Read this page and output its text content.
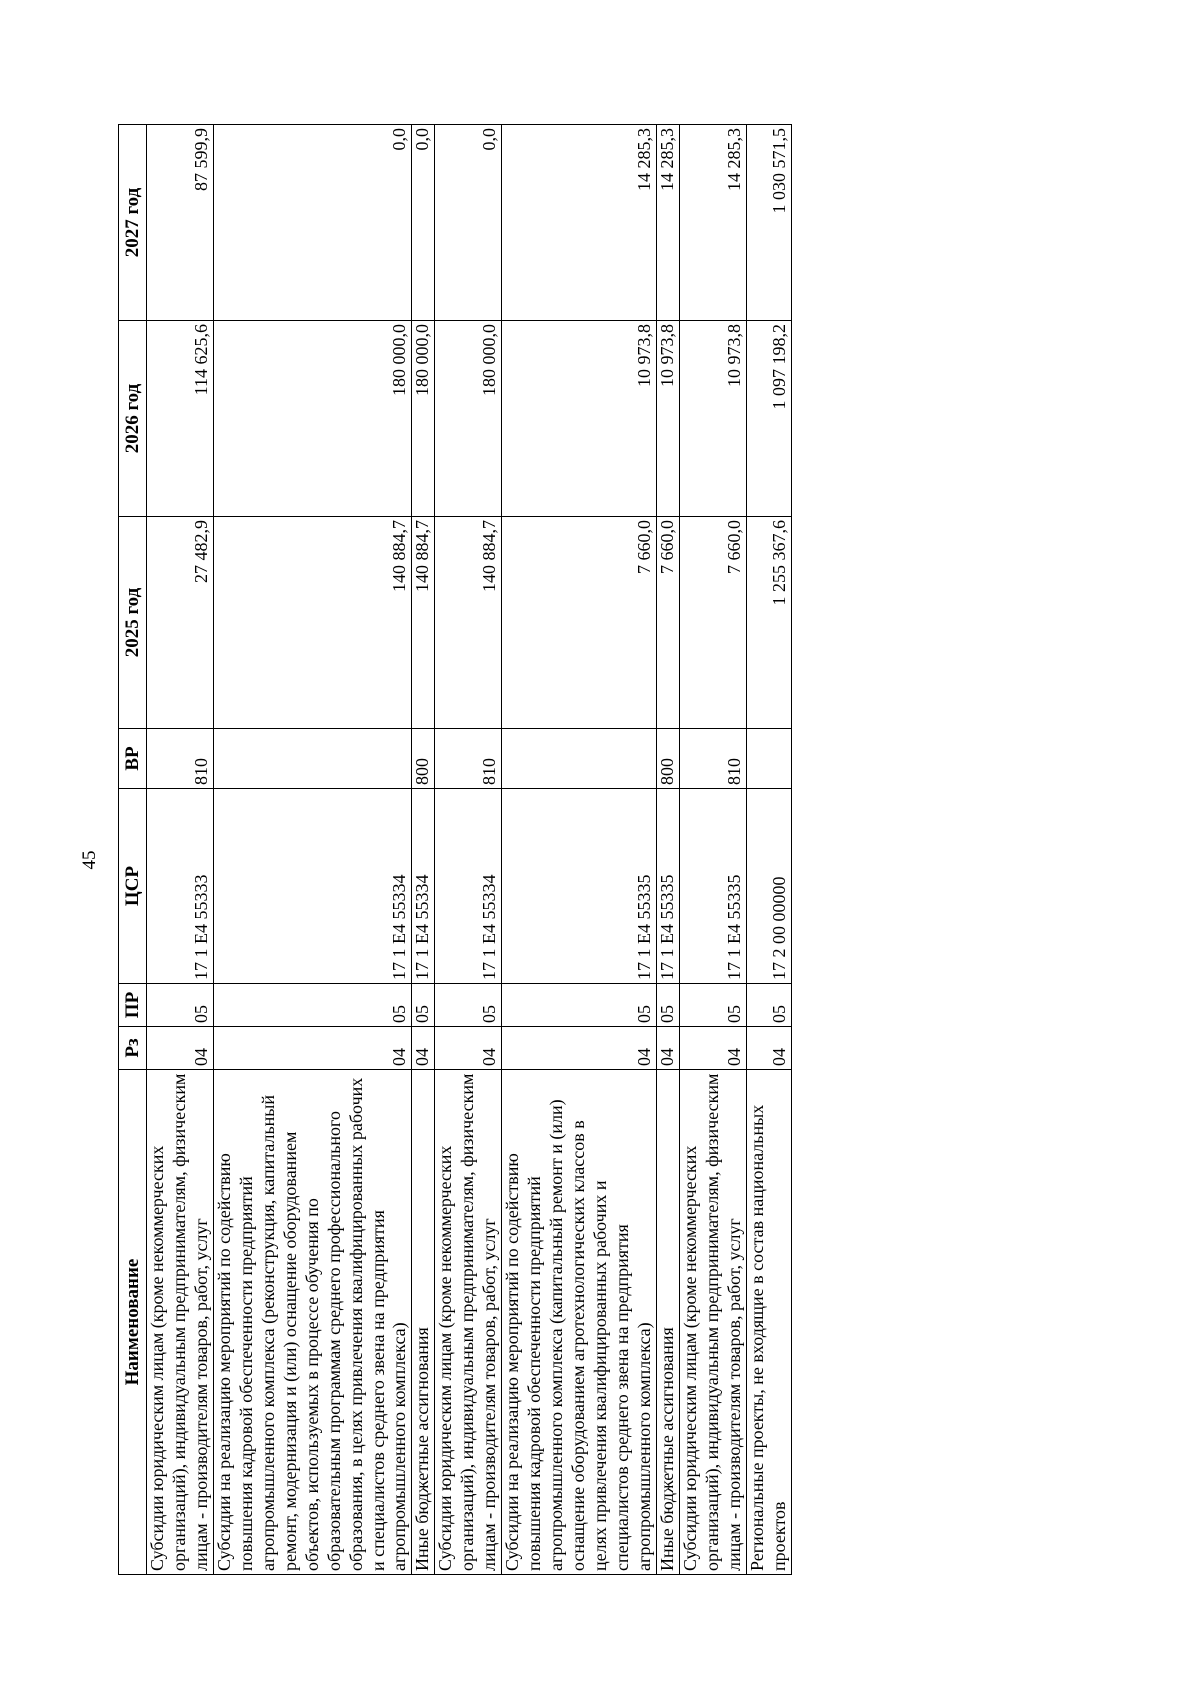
45
Наименование	Рз	ПР	ЦСР	ВР	2025 год	2026 год	2027 год
Субсидии юридическим лицам (кроме некоммерческих организаций), индивидуальным предпринимателям, физическим лицам - производителям товаров, работ, услуг	04	05	17 1 Е4 55333	810	27 482,9	114 625,6	87 599,9
Субсидии на реализацию мероприятий по содействию повышения кадровой обеспеченности предприятий агропромышленного комплекса (реконструкция, капитальный ремонт, модернизация и (или) оснащение оборудованием объектов, используемых в процессе обучения по образовательным программам среднего профессионального образования, в целях привлечения квалифицированных рабочих и специалистов среднего звена на предприятия агропромышленного комплекса)	04	05	17 1 Е4 55334		140 884,7	180 000,0	0,0
Иные бюджетные ассигнования	04	05	17 1 Е4 55334	800	140 884,7	180 000,0	0,0
Субсидии юридическим лицам (кроме некоммерческих организаций), индивидуальным предпринимателям, физическим лицам - производителям товаров, работ, услуг	04	05	17 1 Е4 55334	810	140 884,7	180 000,0	0,0
Субсидии на реализацию мероприятий по содействию повышения кадровой обеспеченности предприятий агропромышленного комплекса (капитальный ремонт и (или) оснащение оборудованием агротехнологических классов в целях привлечения квалифицированных рабочих и специалистов среднего звена на предприятия агропромышленного комплекса)	04	05	17 1 Е4 55335		7 660,0	10 973,8	14 285,3
Иные бюджетные ассигнования	04	05	17 1 Е4 55335	800	7 660,0	10 973,8	14 285,3
Субсидии юридическим лицам (кроме некоммерческих организаций), индивидуальным предпринимателям, физическим лицам - производителям товаров, работ, услуг	04	05	17 1 Е4 55335	810	7 660,0	10 973,8	14 285,3
Региональные проекты, не входящие в состав национальных проектов	04	05	17 2 00 00000		1 255 367,6	1 097 198,2	1 030 571,5
